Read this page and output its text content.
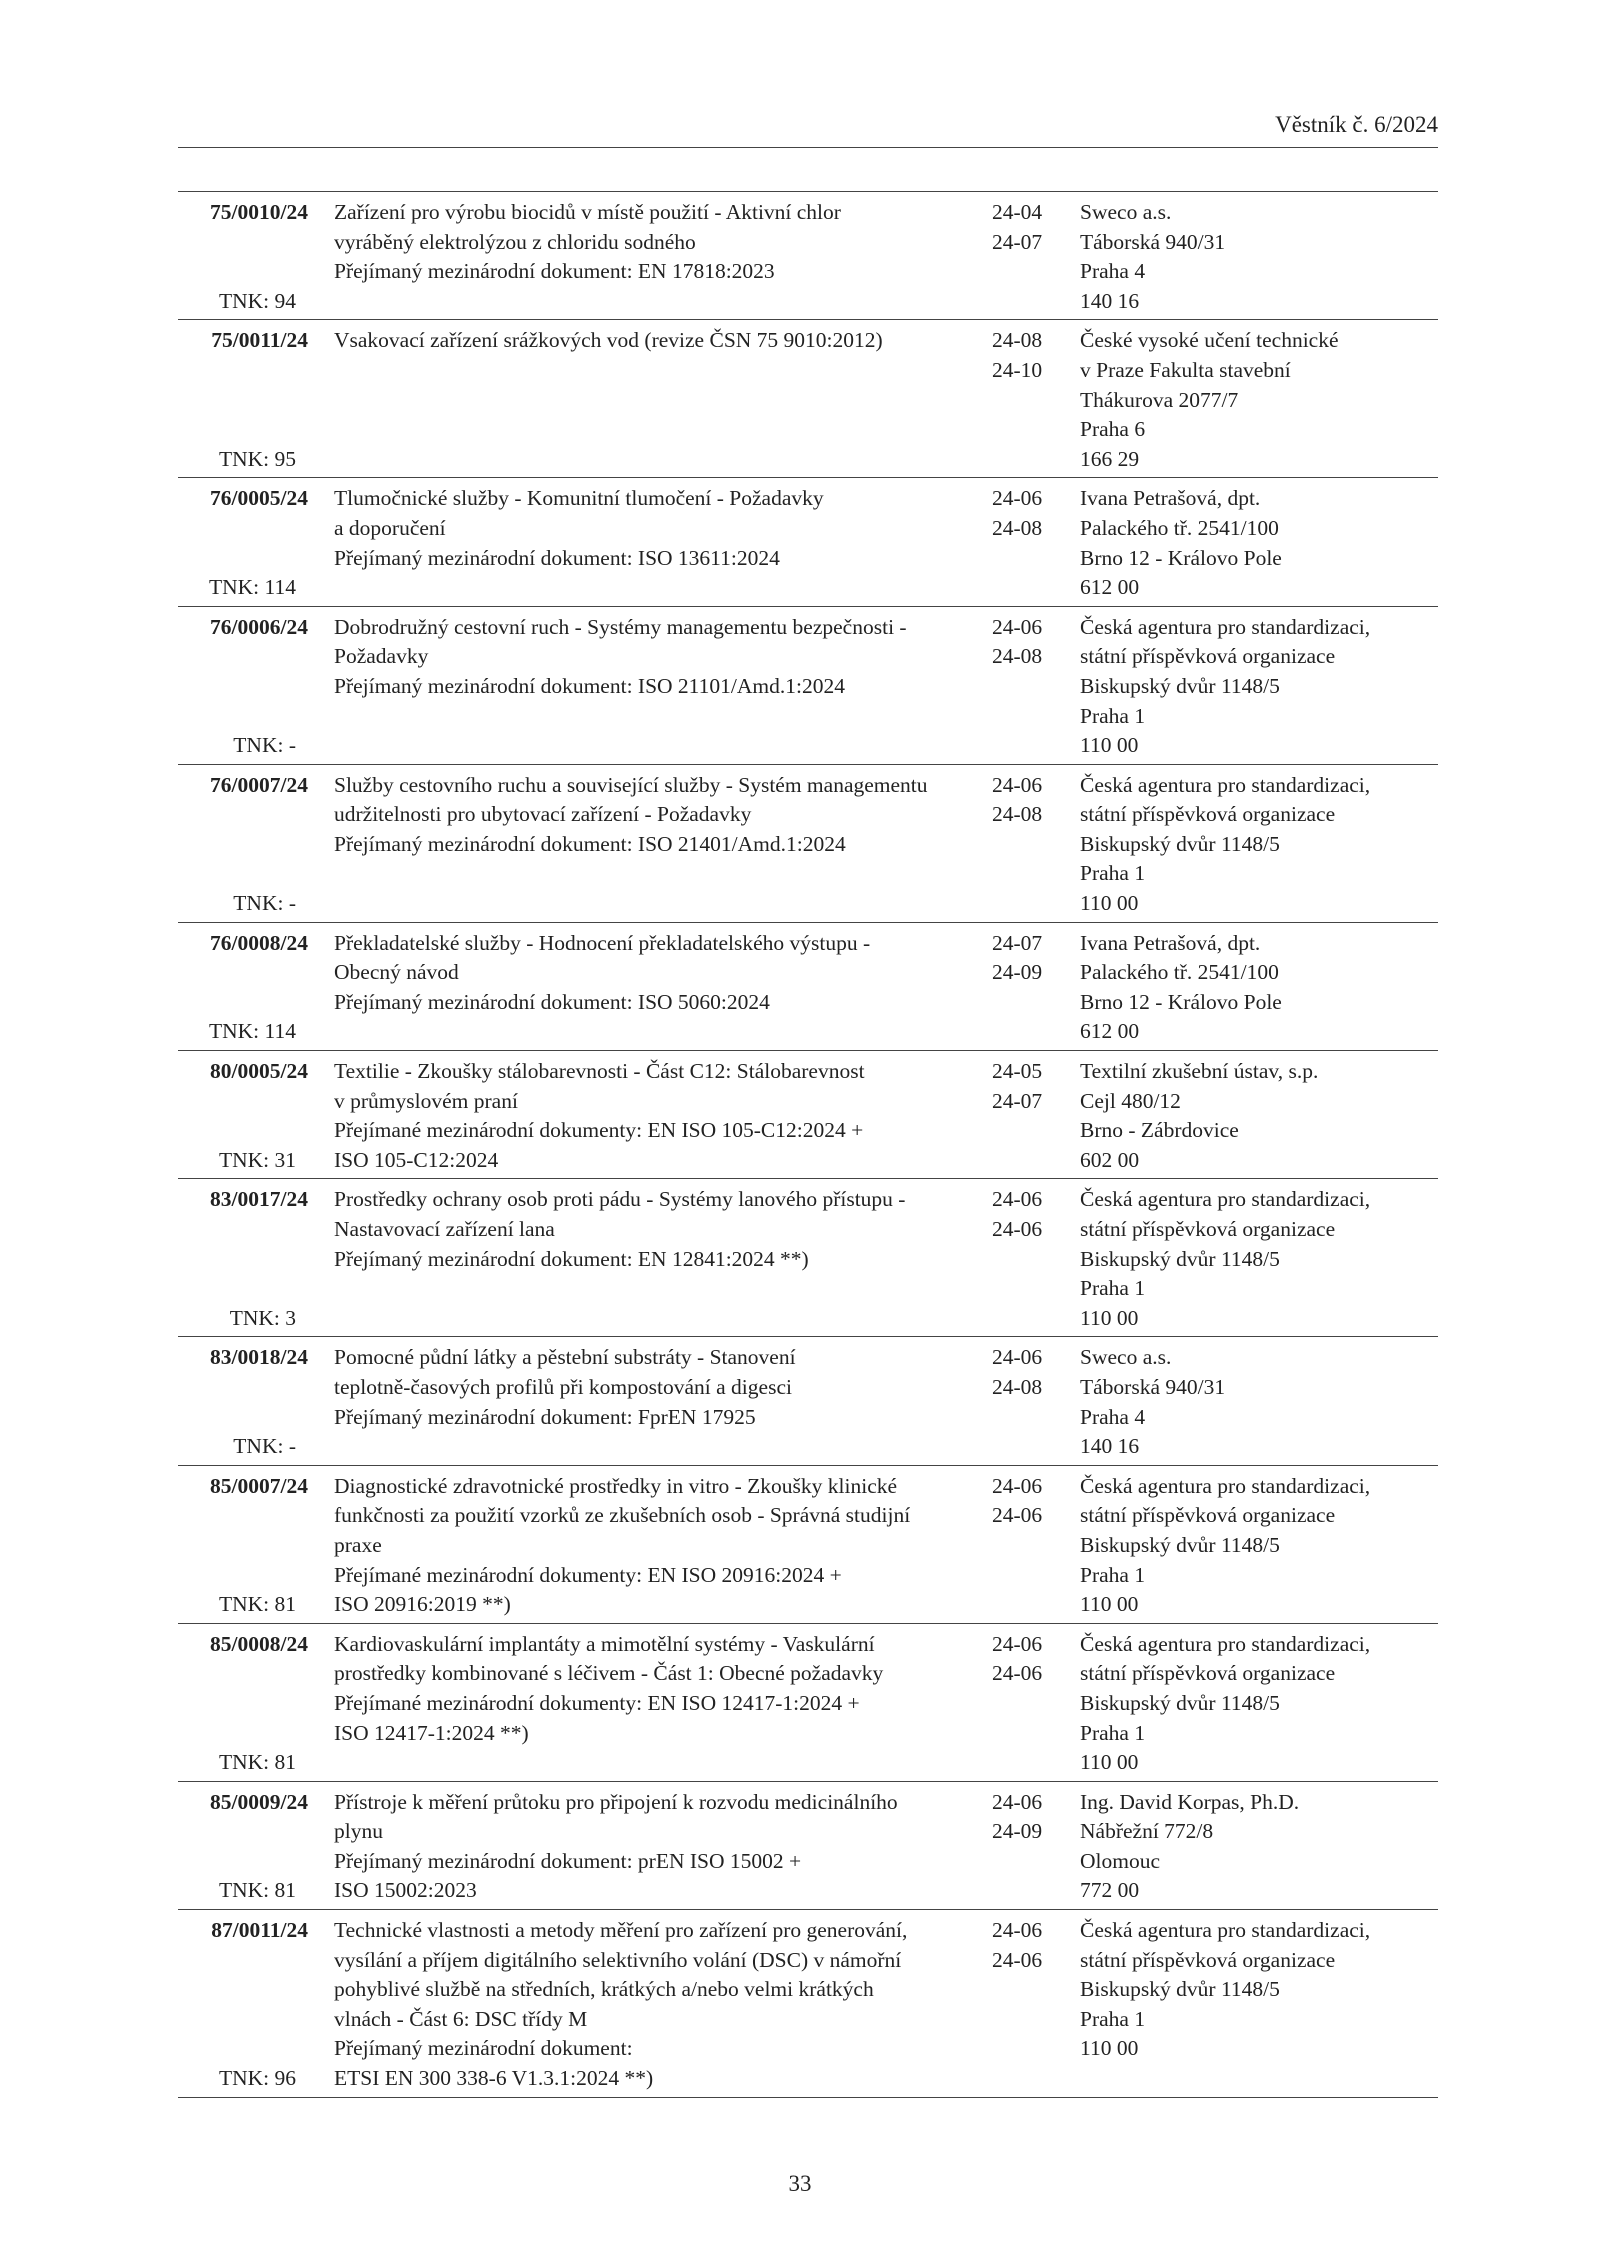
Věstník č. 6/2024
75/0010/24
TNK: 94
Zařízení pro výrobu biocidů v místě použití - Aktivní chlor
vyráběný elektrolýzou z chloridu sodného
Přejímaný mezinárodní dokument: EN 17818:2023
24-04
24-07
Sweco a.s.
Táborská 940/31
Praha 4
140 16
75/0011/24
TNK: 95
Vsakovací zařízení srážkových vod (revize ČSN 75 9010:2012)	24-08
24-10
České vysoké učení technické
v Praze Fakulta stavební
Thákurova 2077/7
Praha 6
166 29
76/0005/24
TNK: 114
Tlumočnické služby - Komunitní tlumočení - Požadavky
a doporučení
Přejímaný mezinárodní dokument: ISO 13611:2024
24-06
24-08
Ivana Petrašová, dpt.
Palackého tř. 2541/100
Brno 12 - Královo Pole
612 00
76/0006/24
TNK: -
Dobrodružný cestovní ruch - Systémy managementu bezpečnosti -
Požadavky
Přejímaný mezinárodní dokument: ISO 21101/Amd.1:2024
24-06
24-08
Česká agentura pro standardizaci,
státní příspěvková organizace
Biskupský dvůr 1148/5
Praha 1
110 00
76/0007/24
TNK: -
Služby cestovního ruchu a související služby - Systém managementu
udržitelnosti pro ubytovací zařízení - Požadavky
Přejímaný mezinárodní dokument: ISO 21401/Amd.1:2024
24-06
24-08
Česká agentura pro standardizaci,
státní příspěvková organizace
Biskupský dvůr 1148/5
Praha 1
110 00
76/0008/24
TNK: 114
Překladatelské služby - Hodnocení překladatelského výstupu -
Obecný návod
Přejímaný mezinárodní dokument: ISO 5060:2024
24-07
24-09
Ivana Petrašová, dpt.
Palackého tř. 2541/100
Brno 12 - Královo Pole
612 00
80/0005/24
TNK: 31
Textilie - Zkoušky stálobarevnosti - Část C12: Stálobarevnost
v průmyslovém praní
Přejímané mezinárodní dokumenty: EN ISO 105-C12:2024 +
ISO 105-C12:2024
24-05
24-07
Textilní zkušební ústav, s.p.
Cejl 480/12
Brno - Zábrdovice
602 00
83/0017/24
TNK: 3
Prostředky ochrany osob proti pádu - Systémy lanového přístupu -
Nastavovací zařízení lana
Přejímaný mezinárodní dokument: EN 12841:2024 **)
24-06
24-06
Česká agentura pro standardizaci,
státní příspěvková organizace
Biskupský dvůr 1148/5
Praha 1
110 00
83/0018/24
TNK: -
Pomocné půdní látky a pěstební substráty - Stanovení
teplotně-časových profilů při kompostování a digesci
Přejímaný mezinárodní dokument: FprEN 17925
24-06
24-08
Sweco a.s.
Táborská 940/31
Praha 4
140 16
85/0007/24
TNK: 81
Diagnostické zdravotnické prostředky in vitro - Zkoušky klinické
funkčnosti za použití vzorků ze zkušebních osob - Správná studijní
praxe
Přejímané mezinárodní dokumenty: EN ISO 20916:2024 +
ISO 20916:2019 **)
24-06
24-06
Česká agentura pro standardizaci,
státní příspěvková organizace
Biskupský dvůr 1148/5
Praha 1
110 00
85/0008/24
TNK: 81
Kardiovaskulární implantáty a mimotělní systémy - Vaskulární
prostředky kombinované s léčivem - Část 1: Obecné požadavky
Přejímané mezinárodní dokumenty: EN ISO 12417-1:2024 +
ISO 12417-1:2024 **)
24-06
24-06
Česká agentura pro standardizaci,
státní příspěvková organizace
Biskupský dvůr 1148/5
Praha 1
110 00
85/0009/24
TNK: 81
Přístroje k měření průtoku pro připojení k rozvodu medicinálního
plynu
Přejímaný mezinárodní dokument: prEN ISO 15002 +
ISO 15002:2023
24-06
24-09
Ing. David Korpas, Ph.D.
Nábřežní 772/8
Olomouc
772 00
87/0011/24
TNK: 96
Technické vlastnosti a metody měření pro zařízení pro generování,
vysílání a příjem digitálního selektivního volání (DSC) v námořní
pohyblivé službě na středních, krátkých a/nebo velmi krátkých
vlnách - Část 6: DSC třídy M
Přejímaný mezinárodní dokument:
ETSI EN 300 338-6 V1.3.1:2024 **)
24-06
24-06
Česká agentura pro standardizaci,
státní příspěvková organizace
Biskupský dvůr 1148/5
Praha 1
110 00
33
